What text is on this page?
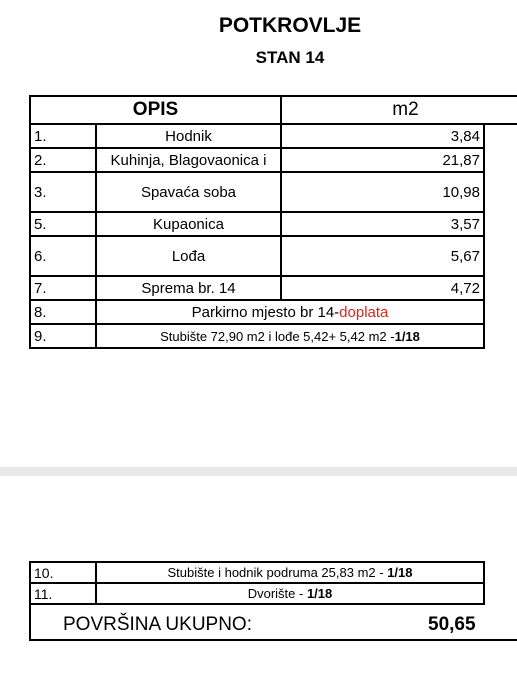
POTKROVLJE
STAN 14
OPIS		m2
1.	Hodnik	3,84
2.	Kuhinja, Blagovaonica i	21,87
3.	Spavaća soba	10,98
5.	Kupaonica	3,57
6.	Lođa	5,67
7.	Sprema br. 14	4,72
8.	Parkirno mjesto br 14-doplata	
9.	Stubište 72,90 m2 i lođe 5,42+ 5,42 m2 -1/18	
10.	Stubište i hodnik podruma 25,83 m2 - 1/18
11.	Dvorište - 1/18
POVRŠINA UKUPNO:	50,65
